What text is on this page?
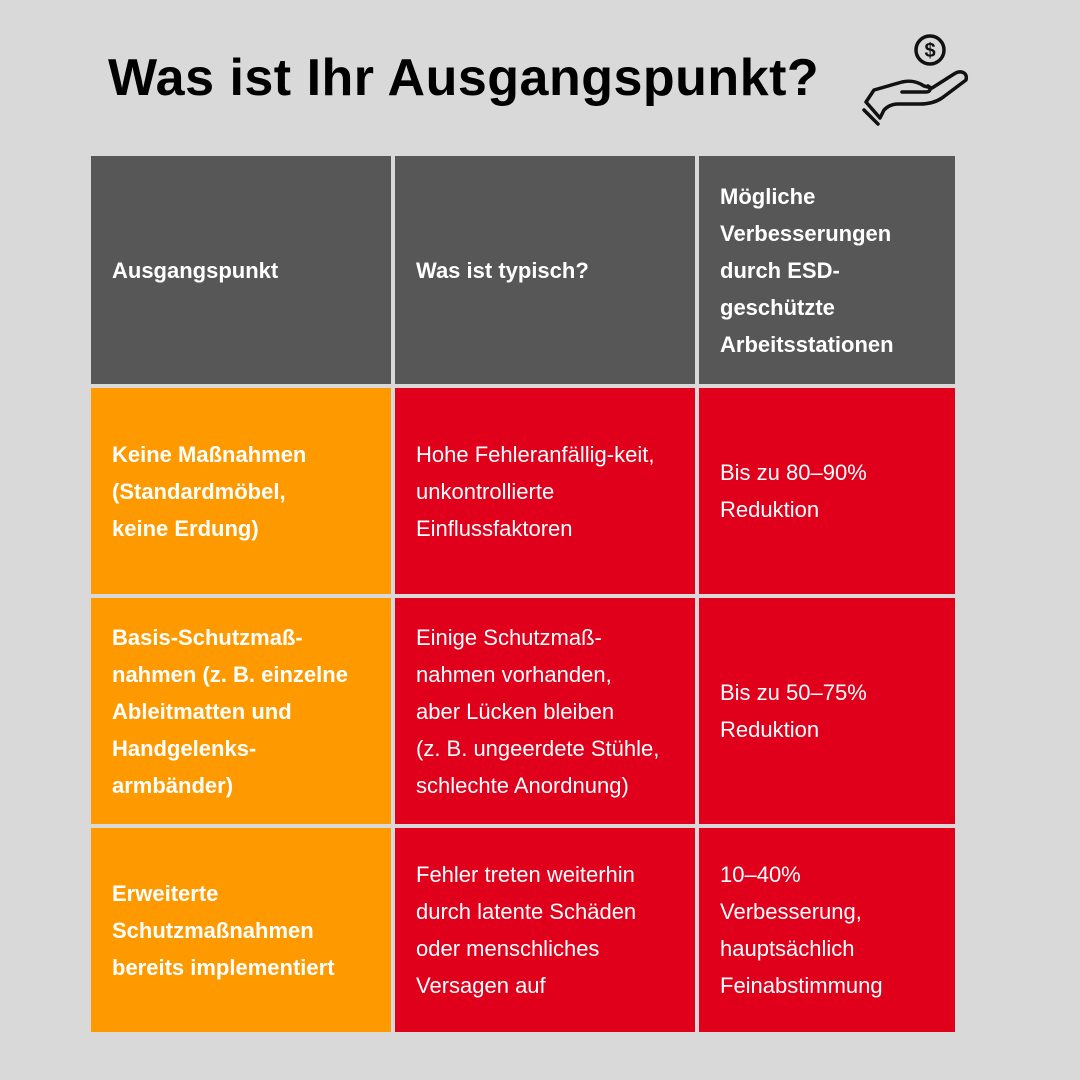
Was ist Ihr Ausgangspunkt?	$
Ausgangspunkt	Was ist typisch?
Mögliche
Verbesserungen
durch ESD-
geschützte
Arbeitsstationen
Keine Maßnahmen
(Standardmöbel,
keine Erdung)
Hohe Fehleranfällig-keit,
unkontrollierte
Einflussfaktoren
Bis zu 80–90%
Reduktion
Basis-Schutzmaß-
nahmen (z. B. einzelne
Ableitmatten und
Handgelenks-
armbänder)
Einige Schutzmaß-
nahmen vorhanden,
aber Lücken bleiben
(z. B. ungeerdete Stühle,
schlechte Anordnung)
Bis zu 50–75%
Reduktion
Erweiterte
Schutzmaßnahmen
bereits implementiert
Fehler treten weiterhin
durch latente Schäden
oder menschliches
Versagen auf
10–40%
Verbesserung,
hauptsächlich
Feinabstimmung
